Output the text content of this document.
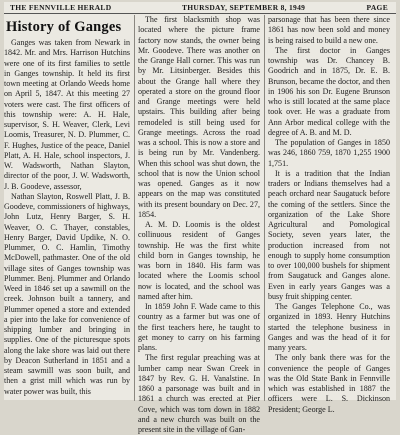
THE FENNVILLE HERALD	THURSDAY, SEPTEMBER 8, 1949	PAGE
History of Ganges

Ganges was taken from Newark in 1842. Mr. and Mrs. Harrison Hutchins were one of its first families to settle in Ganges township. It held its first town meeting at Orlando Weeds home on April 5, 1847. At this meeting 27 voters were cast. The first officers of this township were: A. H. Hale, supervisor, S. H. Weaver, Clerk, Levi Loomis, Treasurer, N. D. Plummer, C. F. Hughes, Justice of the peace, Daniel Platt, A. H. Hale, school inspectors, J. W. Wadsworth, Nathan Slayton, director of the poor, J. W. Wadsworth, J. B. Goodeve, assessor,

Nathan Slayton, Roswell Platt, J. B. Goodeve, commissioners of highways, John Lutz, Henry Barger, S. H. Weaver, O. C. Thayer, constables, Henry Barger, David Updike, N. O. Plummer, O. C. Hamlin, Timothy McDowell, pathmaster. One of the old village sites of Ganges township was Plummer. Benj. Plummer and Orlando Weed in 1846 set up a sawmill on the creek. Johnson built a tannery, and Plummer opened a store and extended a pier into the lake for convenience of shipping lumber and bringing in supplies. One of the picturesque spots along the lake shore was laid out there by Deacon Sutherland in 1851 and a steam sawmill was soon built, and then a grist mill which was run by water power was built, this

The first blacksmith shop was located where the picture frame factory now stands, the owner being Mr. Goodeve. There was another on the Grange Hall corner. This was run by Mr. Litsinberger. Besides this about the Grange hall where they operated a store on the ground floor and Grange meetings were held upstairs. This building after being remodeled is still being used for Grange meetings. Across the road was a school. This is now a store and is being run by Mr. Vandenberg. When this school was shut down, the school that is now the Union school was opened. Ganges as it now appears on the map was constituted with its present boundary on Dec. 27, 1854.

A. M. D. Loomis is the oldest collinuous resident of Ganges township. He was the first white child born in Ganges township, he was born in 1840. His farm was located where the Loomis school now is located, and the school was named after him.

In 1859 John F. Wade came to this country as a farmer but was one of the first teachers here, he taught to get money to carry on his farming plans.

The first regular preaching was at lumber camp near Swan Creek in 1847 by Rev. G. H. Vanalstine. In 1860 a parsonage was built and in 1861 a church was erected at Pier Cove, which was torn down in 1882 and a new church was built on the present site in the village of Gan-

parsonage that has been there since 1861 has now been sold and money is being raised to build a new one.

The first doctor in Ganges township was Dr. Chancey B. Goodrich and in 1875, Dr. E. B. Brunson, became the doctor, and then in 1906 his son Dr. Eugene Brunson who is still located at the same place took over. He was a graduate from Ann Arbor medical college with the degree of A. B. and M. D.

The population of Ganges in 1850 was 246, 1860 759, 1870 1,255 1900 1,751.

It is a tradition that the Indian traders or Indians themselves had a peach orchard near Saugatuck before the coming of the settlers. Since the organization of the Lake Shore Agricultural and Pomological Society, seven years later, the production increased from not enough to supply home consumption to over 100,000 bushels for shipment from Saugatuck and Ganges alone. Even in early years Ganges was a busy fruit shipping center.

The Ganges Telephone Co., was organized in 1893. Henry Hutchins started the telephone business in Ganges and was the head of it for many years.

The only bank there was for the convenience the people of Ganges was the Old State Bank in Fennville which was established in 1887 the officers were L. S. Dickinson President; George L.
